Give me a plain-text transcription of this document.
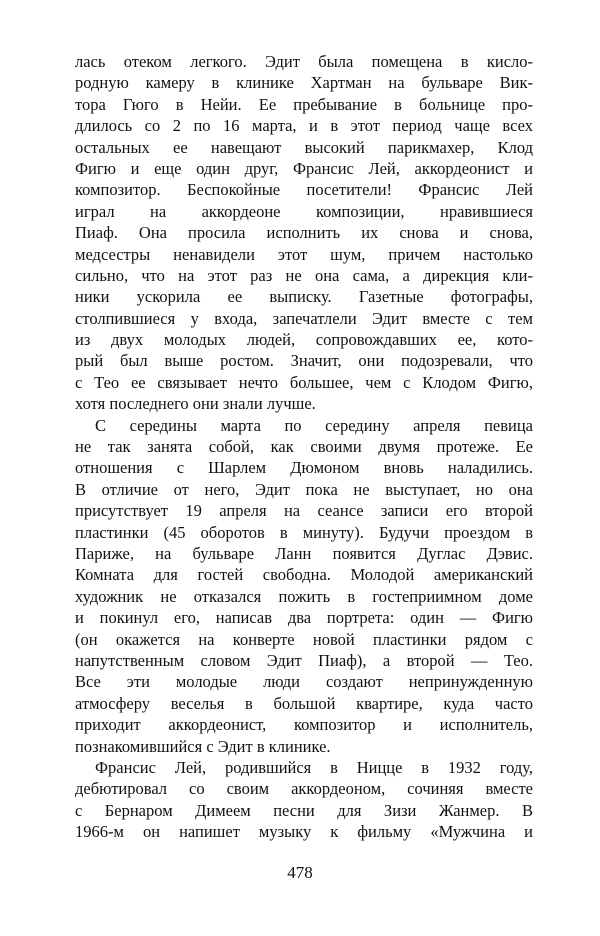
лась отеком легкого. Эдит была помещена в кисло-
родную камеру в клинике Хартман на бульваре Вик-
тора Гюго в Нейи. Ее пребывание в больнице про-
длилось со 2 по 16 марта, и в этот период чаще всех
остальных ее навещают высокий парикмахер, Клод
Фигю и еще один друг, Франсис Лей, аккордеонист и
композитор. Беспокойные посетители! Франсис Лей
играл на аккордеоне композиции, нравившиеся
Пиаф. Она просила исполнить их снова и снова,
медсестры ненавидели этот шум, причем настолько
сильно, что на этот раз не она сама, а дирекция кли-
ники ускорила ее выписку. Газетные фотографы,
столпившиеся у входа, запечатлели Эдит вместе с тем
из двух молодых людей, сопровождавших ее, кото-
рый был выше ростом. Значит, они подозревали, что
с Тео ее связывает нечто большее, чем с Клодом Фигю,
хотя последнего они знали лучше.
С середины марта по середину апреля певица
не так занята собой, как своими двумя протеже. Ее
отношения с Шарлем Дюмоном вновь наладились.
В отличие от него, Эдит пока не выступает, но она
присутствует 19 апреля на сеансе записи его второй
пластинки (45 оборотов в минуту). Будучи проездом в
Париже, на бульваре Ланн появится Дуглас Дэвис.
Комната для гостей свободна. Молодой американский
художник не отказался пожить в гостеприимном доме
и покинул его, написав два портрета: один — Фигю
(он окажется на конверте новой пластинки рядом с
напутственным словом Эдит Пиаф), а второй — Тео.
Все эти молодые люди создают непринужденную
атмосферу веселья в большой квартире, куда часто
приходит аккордеонист, композитор и исполнитель,
познакомившийся с Эдит в клинике.
Франсис Лей, родившийся в Ницце в 1932 году,
дебютировал со своим аккордеоном, сочиняя вместе
с Бернаром Димеем песни для Зизи Жанмер. В
1966-м он напишет музыку к фильму «Мужчина и
478
